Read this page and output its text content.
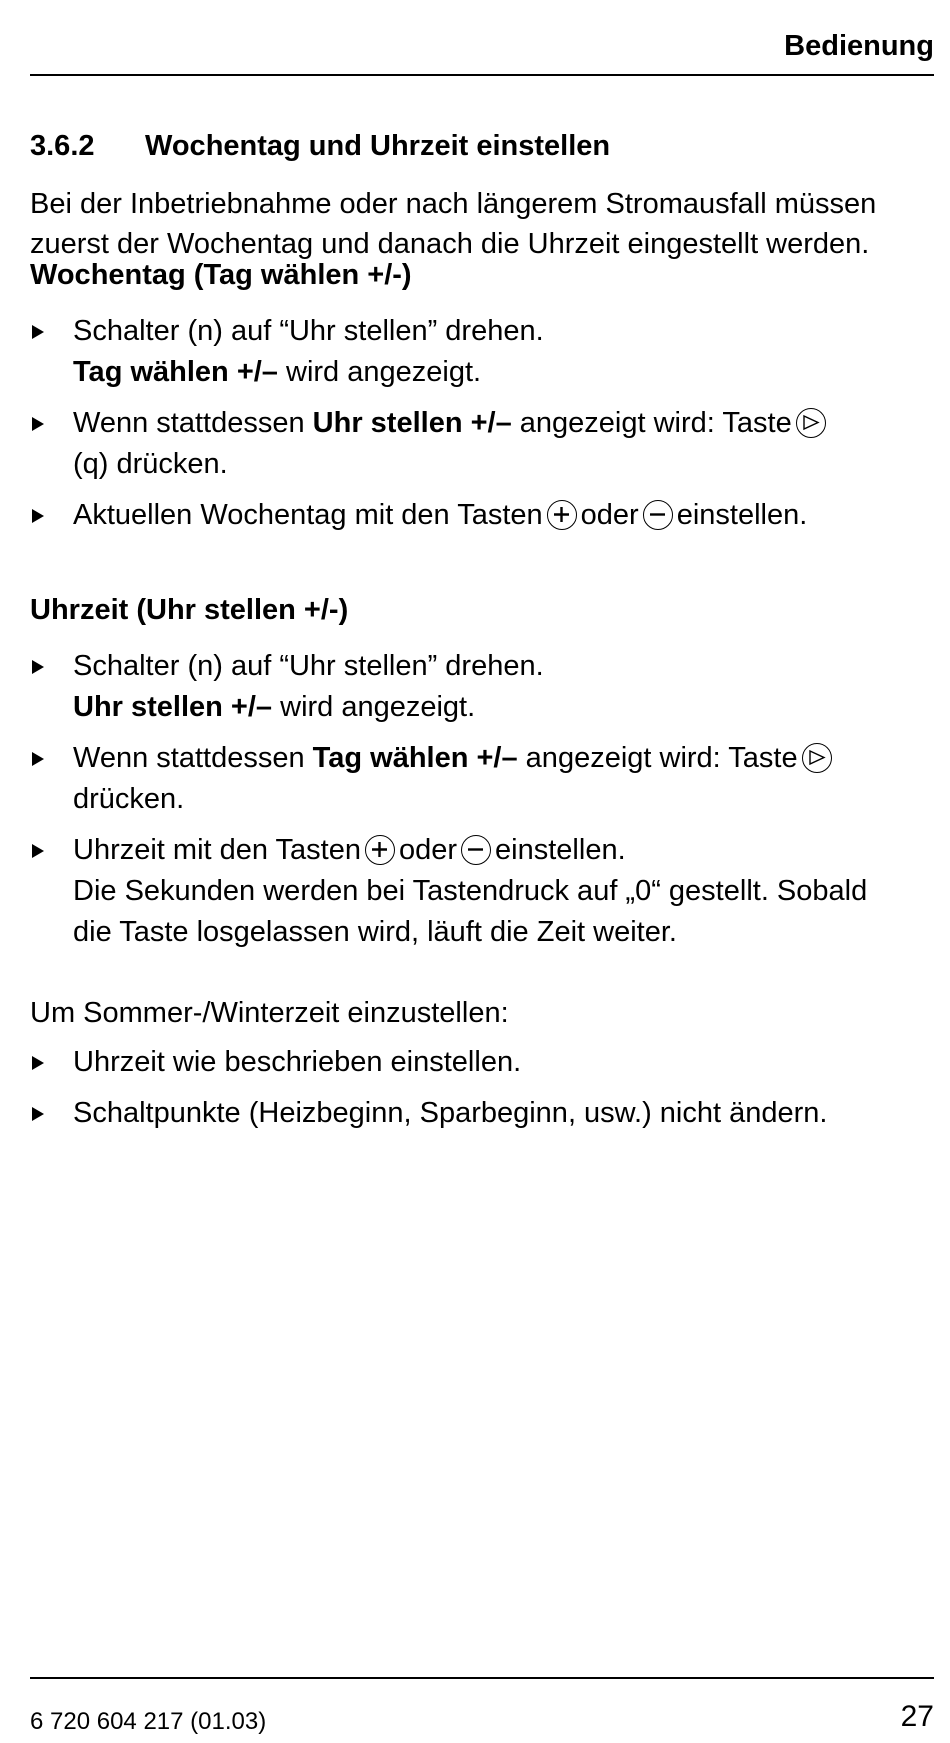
Bedienung
3.6.2 Wochentag und Uhrzeit einstellen

Bei der Inbetriebnahme oder nach längerem Stromausfall müssen zuerst der Wochentag und danach die Uhrzeit eingestellt werden.

Wochentag (Tag wählen +/-)

Schalter (n) auf “Uhr stellen” drehen.
Tag wählen +/– wird angezeigt.
Wenn stattdessen Uhr stellen +/– angezeigt wird: Taste
(q) drücken.
Aktuellen Wochentag mit den Tasten oder einstellen.

Uhrzeit (Uhr stellen +/-)

Schalter (n) auf “Uhr stellen” drehen.
Uhr stellen +/– wird angezeigt.
Wenn stattdessen Tag wählen +/– angezeigt wird: Taste
drücken.
Uhrzeit mit den Tasten oder einstellen.
Die Sekunden werden bei Tastendruck auf „0“ gestellt. Sobald
die Taste losgelassen wird, läuft die Zeit weiter.

Um Sommer-/Winterzeit einzustellen:

Uhrzeit wie beschrieben einstellen.
Schaltpunkte (Heizbeginn, Sparbeginn, usw.) nicht ändern.
6 720 604 217 (01.03)	27
